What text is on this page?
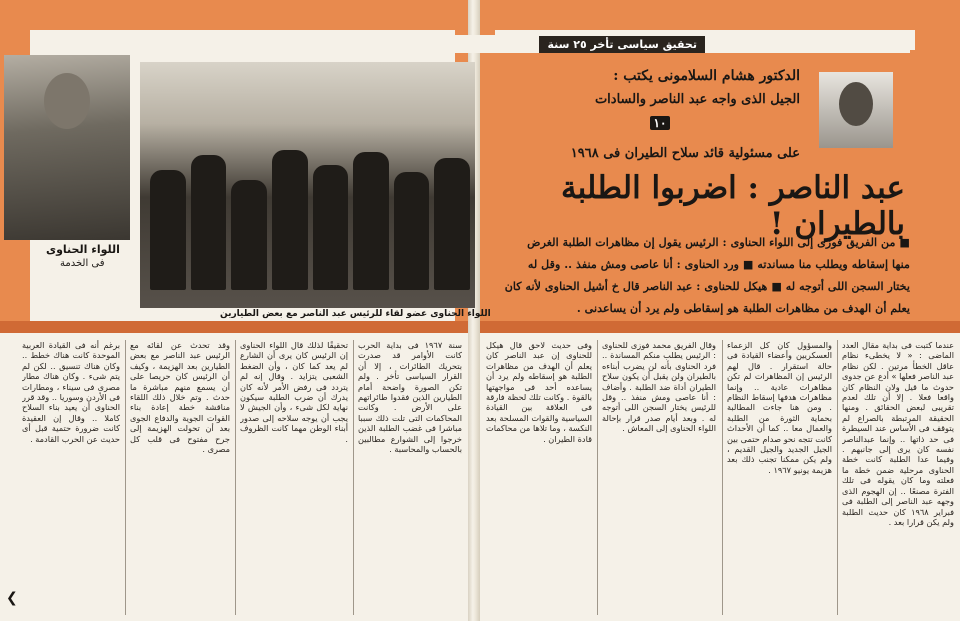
تحقيق سياسى تأخر ٢٥ سنة
اللواء الحناوى
فى الخدمة
اللواء الحناوى عضو لقاء للرئيس عبد الناصر مع بعض الطيارين
الدكتور هشام السلامونى يكتب :
الجيل الذى واجه عبد الناصر والسادات
١٠
على مسئولية قائد سلاح الطيران فى ١٩٦٨
عبد الناصر : اضربوا الطلبة بالطيران !
■ من الفريق فوزى إلى اللواء الحناوى : الرئيس يقول إن مظاهرات الطلبة الغرض
منها إسقاطه ويطلب منا مساندته ■ ورد الحناوى : أنا عاصى ومش منفذ .. وقل له
يختار السجن اللى أتوجه له ■ هيكل للحناوى : عبد الناصر قال خ أشيل الحناوى لأنه كان
يعلم أن الهدف من مظاهرات الطلبة هو إسقاطى ولم يرد أن يساعدنى .
عندما كتبت فى بداية مقال العدد الماضى : « لا يخطىء نظام عاقل الخطأ مرتين . لكن نظام عبد الناصر فعلها » أدع عن جدوى حدوث ما قيل ولان النظام كان واقعا فعلا . إلا أن تلك لعدم تقريبى لبعض الحقائق . ومنها الحقيقة المرتبطة بالصراع لم يتوقف فى الأساس عند السيطرة فى حد ذاتها .. وإنما عبدالناصر نفسه كان يرى إلى جانبهم . وفيما عدا الطلبة كانت خطة الحناوى مرحلية ضمن خطة ما فعلته وما كان يقوله فى تلك الفترة مصنعًا .. إن الهجوم الذى وجهه عبد الناصر إلى الطلبة فى فبراير ١٩٦٨ كان حديث الطلبة ولم يكن قرارا بعد .
والمسؤول كان كل الزعماء العسكريين وأعضاء القيادة فى حالة استقرار . قال لهم الرئيس إن المظاهرات لم تكن مظاهرات عادية .. وإنما مظاهرات هدفها إسقاط النظام . ومن هنا جاءت المطالبة بحماية الثورة من الطلبة والعمال معا .. كما أن الأحداث كانت تتجه نحو صدام حتمى بين الجيل الجديد والجيل القديم ، ولم يكن ممكنا تجنب ذلك بعد هزيمة يونيو ١٩٦٧ .
وقال الفريق محمد فوزى للحناوى : الرئيس يطلب منكم المساندة .. فرد الحناوى بأنه لن يضرب أبناءه بالطيران ولن يقبل أن يكون سلاح الطيران أداة ضد الطلبة . وأضاف : أنا عاصى ومش منفذ .. وقل للرئيس يختار السجن اللى أتوجه له . وبعد أيام صدر قرار بإحالة اللواء الحناوى إلى المعاش .
وفى حديث لاحق قال هيكل للحناوى إن عبد الناصر كان يعلم أن الهدف من مظاهرات الطلبة هو إسقاطه ولم يرد أن يساعده أحد فى مواجهتها بالقوة . وكانت تلك لحظة فارقة فى العلاقة بين القيادة السياسية والقوات المسلحة بعد النكسة ، وما تلاها من محاكمات قادة الطيران .
سنة ١٩٦٧ فى بداية الحرب كانت الأوامر قد صدرت بتحريك الطائرات ، إلا أن القرار السياسى تأخر . ولم تكن الصورة واضحة أمام الطيارين الذين فقدوا طائراتهم على الأرض . وكانت المحاكمات التى تلت ذلك سببا مباشرا فى غضب الطلبة الذين خرجوا إلى الشوارع مطالبين بالحساب والمحاسبة .
تحقيقًا لذلك قال اللواء الحناوى إن الرئيس كان يرى أن الشارع لم يعد كما كان ، وأن الضغط الشعبى يتزايد . وقال إنه لم يتردد فى رفض الأمر لأنه كان يدرك أن ضرب الطلبة سيكون نهاية لكل شىء ، وأن الجيش لا يجب أن يوجه سلاحه إلى صدور أبناء الوطن مهما كانت الظروف .
وقد تحدث عن لقائه مع الرئيس عبد الناصر مع بعض الطيارين بعد الهزيمة ، وكيف أن الرئيس كان حريصا على أن يسمع منهم مباشرة ما حدث . وتم خلال ذلك اللقاء مناقشة خطة إعادة بناء القوات الجوية والدفاع الجوى بعد أن تحولت الهزيمة إلى جرح مفتوح فى قلب كل مصرى .
برغم أنه فى القيادة العربية الموحدة كانت هناك خطط .. وكان هناك تنسيق .. لكن لم يتم شىء . وكان هناك مطار مصرى فى سيناء ، ومطارات فى الأردن وسوريا .. وقد قرر الحناوى أن يعيد بناء السلاح كاملا .. وقال إن العقيدة كانت ضرورة حتمية قبل أى حديث عن الحرب القادمة .
❮
